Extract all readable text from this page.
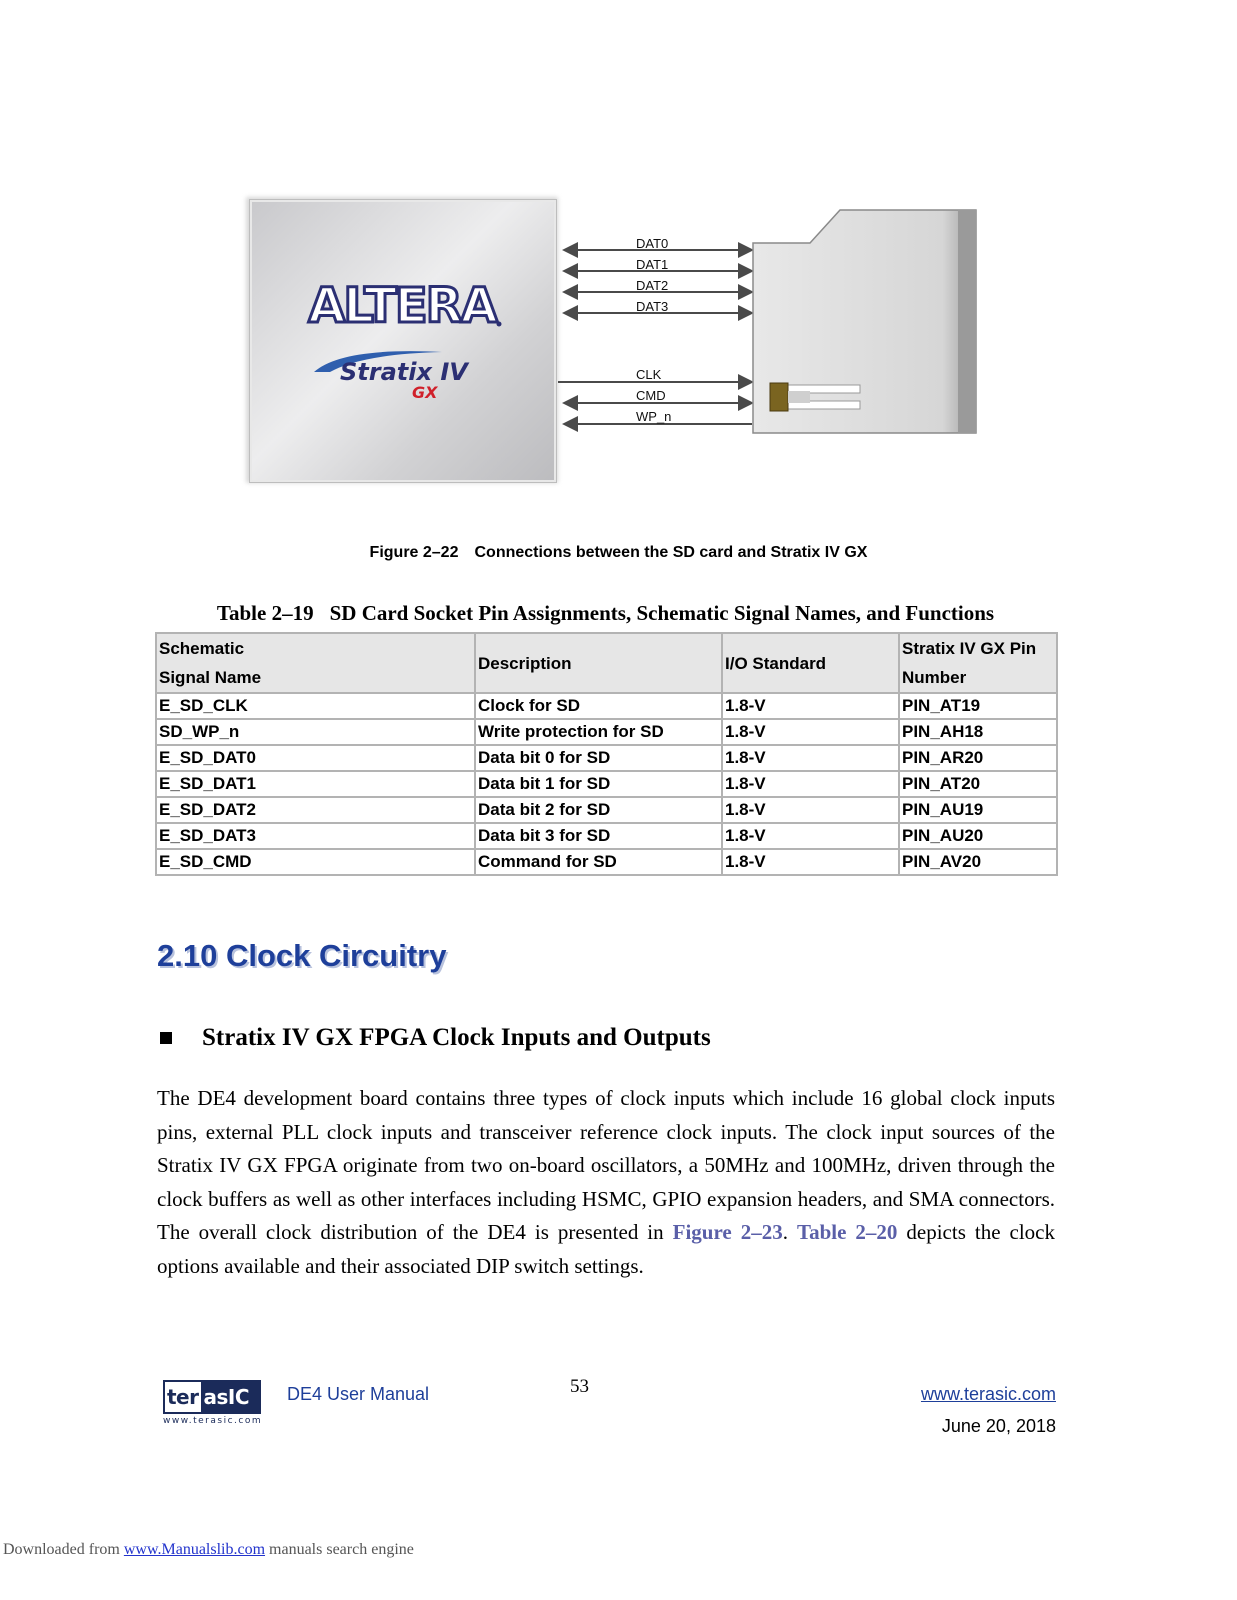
ALTERA
Stratix IV
GX
DAT0
DAT1
DAT2
DAT3
CLK
CMD
WP_n
Figure 2–22 Connections between the SD card and Stratix IV GX
Table 2–19 SD Card Socket Pin Assignments, Schematic Signal Names, and Functions
Schematic
Signal Name	Description	I/O Standard	Stratix IV GX Pin
Number
E_SD_CLK	Clock for SD	1.8-V	PIN_AT19
SD_WP_n	Write protection for SD	1.8-V	PIN_AH18
E_SD_DAT0	Data bit 0 for SD	1.8-V	PIN_AR20
E_SD_DAT1	Data bit 1 for SD	1.8-V	PIN_AT20
E_SD_DAT2	Data bit 2 for SD	1.8-V	PIN_AU19
E_SD_DAT3	Data bit 3 for SD	1.8-V	PIN_AU20
E_SD_CMD	Command for SD	1.8-V	PIN_AV20
2.10 Clock Circuitry
Stratix IV GX FPGA Clock Inputs and Outputs

The DE4 development board contains three types of clock inputs which include 16 global clock inputs pins, external PLL clock inputs and transceiver reference clock inputs. The clock input sources of the Stratix IV GX FPGA originate from two on-board oscillators, a 50MHz and 100MHz, driven through the clock buffers as well as other interfaces including HSMC, GPIO expansion headers, and SMA connectors. The overall clock distribution of the DE4 is presented in Figure 2–23. Table 2–20 depicts the clock options available and their associated DIP switch settings.

ter asIC
www.terasic.com
DE4 User Manual	53	www.terasic.com
June 20, 2018
Downloaded from www.Manualslib.com manuals search engine
